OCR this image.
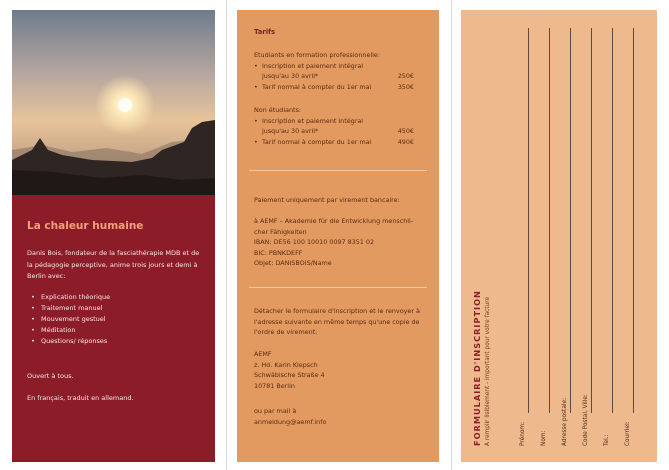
La chaleur humaine
Danis Bois, fondateur de la fasciathérapie MDB et de la pédagogie perceptive, anime trois jours et demi à Berlin avec:
• Explication théorique
• Traitement manuel
• Mouvement gestuel
• Méditation
• Questions/ réponses
Ouvert à tous.
En français, traduit en allemand.
Tarifs
Etudiants en formation professionnelle:
• Inscription et paiement intégral
jusqu'au 30 avril*	250€
• Tarif normal à compter du 1er mai	350€
Non étudiants:
• Inscription et paiement intégral
jusqu'au 30 avril*	450€
• Tarif normal à compter du 1er mai	490€
Paiement uniquement par virement bancaire:
à AEMF – Akademie für die Entwicklung menschli-
cher Fähigkeiten
IBAN: DE56 100 10010 0097 8351 02
BIC: PBNKDEFF
Objet: DANISBOIS/Name
Détacher le formulaire d'inscription et le renvoyer à
l'adresse suivante en même temps qu'une copie de
l'ordre de virement:
AEMF
z. Hd. Karin Klepsch
Schwäbische Straße 4
10781 Berlin
ou par mail à
anmeldung@aemf.info	FORMULAIRE D'INSCRIPTION A remplir lisiblement - important pour votre facture	Prénom:	Nom:	Adresse postale:	Code Postal, Ville:	Tel.:	Courriel:
